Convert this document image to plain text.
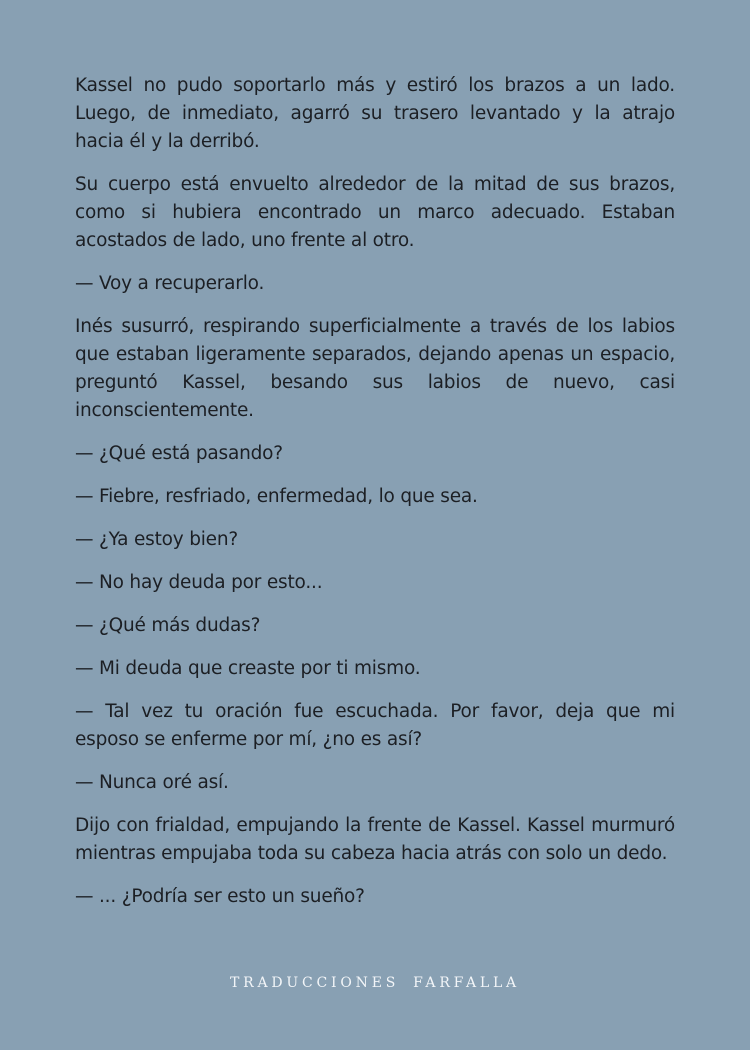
Kassel no pudo soportarlo más y estiró los brazos a un lado. Luego, de inmediato, agarró su trasero levantado y la atrajo hacia él y la derribó.

Su cuerpo está envuelto alrededor de la mitad de sus brazos, como si hubiera encontrado un marco adecuado. Estaban acostados de lado, uno frente al otro.

— Voy a recuperarlo.

Inés susurró, respirando superficialmente a través de los labios que estaban ligeramente separados, dejando apenas un espacio, preguntó Kassel, besando sus labios de nuevo, casi inconscientemente.

— ¿Qué está pasando?

— Fiebre, resfriado, enfermedad, lo que sea.

— ¿Ya estoy bien?

— No hay deuda por esto...

— ¿Qué más dudas?

— Mi deuda que creaste por ti mismo.

— Tal vez tu oración fue escuchada. Por favor, deja que mi esposo se enferme por mí, ¿no es así?

— Nunca oré así.

Dijo con frialdad, empujando la frente de Kassel. Kassel murmuró mientras empujaba toda su cabeza hacia atrás con solo un dedo.

— ... ¿Podría ser esto un sueño?

TRADUCCIONES FARFALLA
